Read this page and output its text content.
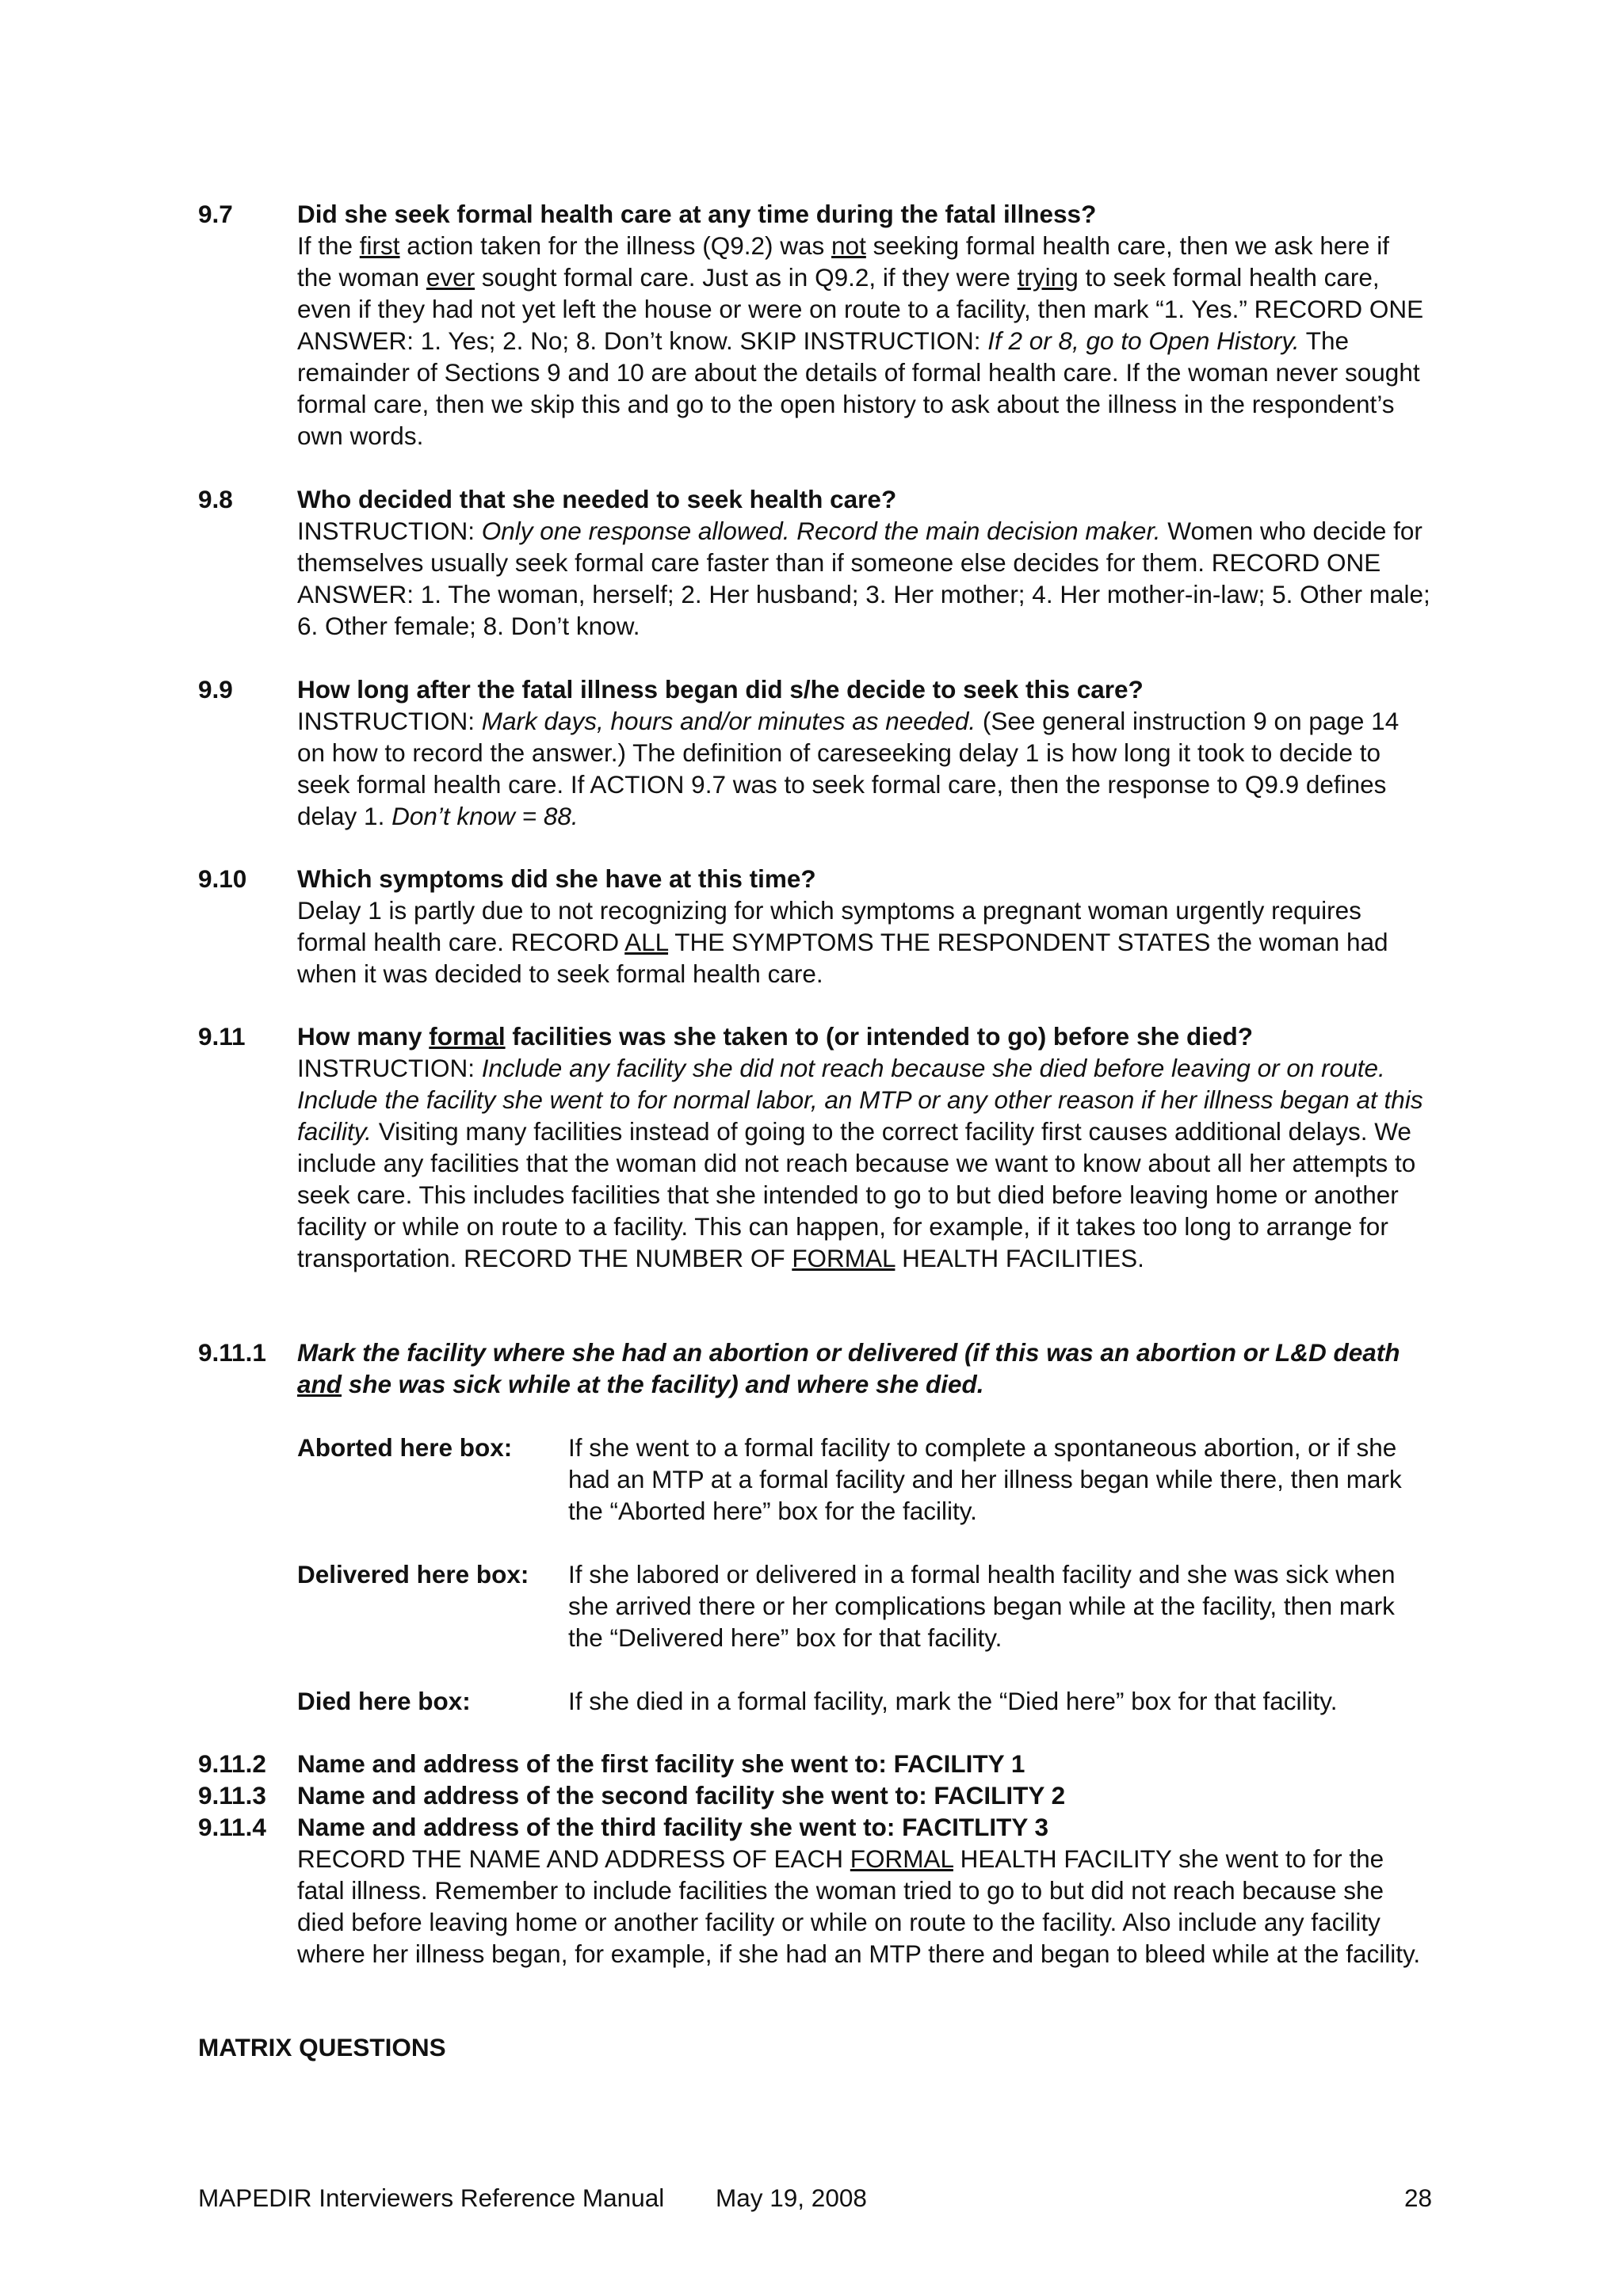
9.7	Did she seek formal health care at any time during the fatal illness?
If the first action taken for the illness (Q9.2) was not seeking formal health care, then we ask here if the woman ever sought formal care. Just as in Q9.2, if they were trying to seek formal health care, even if they had not yet left the house or were on route to a facility, then mark “1. Yes.” RECORD ONE ANSWER: 1. Yes; 2. No; 8. Don’t know. SKIP INSTRUCTION: If 2 or 8, go to Open History. The remainder of Sections 9 and 10 are about the details of formal health care. If the woman never sought formal care, then we skip this and go to the open history to ask about the illness in the respondent’s own words.
9.8	Who decided that she needed to seek health care?
INSTRUCTION: Only one response allowed. Record the main decision maker. Women who decide for themselves usually seek formal care faster than if someone else decides for them. RECORD ONE ANSWER: 1. The woman, herself; 2. Her husband; 3. Her mother; 4. Her mother-in-law; 5. Other male; 6. Other female; 8. Don’t know.
9.9	How long after the fatal illness began did s/he decide to seek this care?
INSTRUCTION: Mark days, hours and/or minutes as needed. (See general instruction 9 on page 14 on how to record the answer.) The definition of careseeking delay 1 is how long it took to decide to seek formal health care. If ACTION 9.7 was to seek formal care, then the response to Q9.9 defines delay 1. Don’t know = 88.
9.10 Which symptoms did she have at this time?
Delay 1 is partly due to not recognizing for which symptoms a pregnant woman urgently requires formal health care. RECORD ALL THE SYMPTOMS THE RESPONDENT STATES the woman had when it was decided to seek formal health care.
9.11 How many formal facilities was she taken to (or intended to go) before she died?
INSTRUCTION: Include any facility she did not reach because she died before leaving or on route. Include the facility she went to for normal labor, an MTP or any other reason if her illness began at this facility. Visiting many facilities instead of going to the correct facility first causes additional delays. We include any facilities that the woman did not reach because we want to know about all her attempts to seek care. This includes facilities that she intended to go to but died before leaving home or another facility or while on route to a facility. This can happen, for example, if it takes too long to arrange for transportation. RECORD THE NUMBER OF FORMAL HEALTH FACILITIES.
9.11.1 Mark the facility where she had an abortion or delivered (if this was an abortion or L&D death and she was sick while at the facility) and where she died.
Aborted here box: If she went to a formal facility to complete a spontaneous abortion, or if she had an MTP at a formal facility and her illness began while there, then mark the “Aborted here” box for the facility.
Delivered here box: If she labored or delivered in a formal health facility and she was sick when she arrived there or her complications began while at the facility, then mark the “Delivered here” box for that facility.
Died here box:	If she died in a formal facility, mark the “Died here” box for that facility.
9.11.2 Name and address of the first facility she went to: FACILITY 1
9.11.3 Name and address of the second facility she went to: FACILITY 2
9.11.4 Name and address of the third facility she went to: FACITLITY 3
RECORD THE NAME AND ADDRESS OF EACH FORMAL HEALTH FACILITY she went to for the fatal illness. Remember to include facilities the woman tried to go to but did not reach because she died before leaving home or another facility or while on route to the facility. Also include any facility where her illness began, for example, if she had an MTP there and began to bleed while at the facility.
MATRIX QUESTIONS
MAPEDIR Interviewers Reference Manual May 19, 2008	28
